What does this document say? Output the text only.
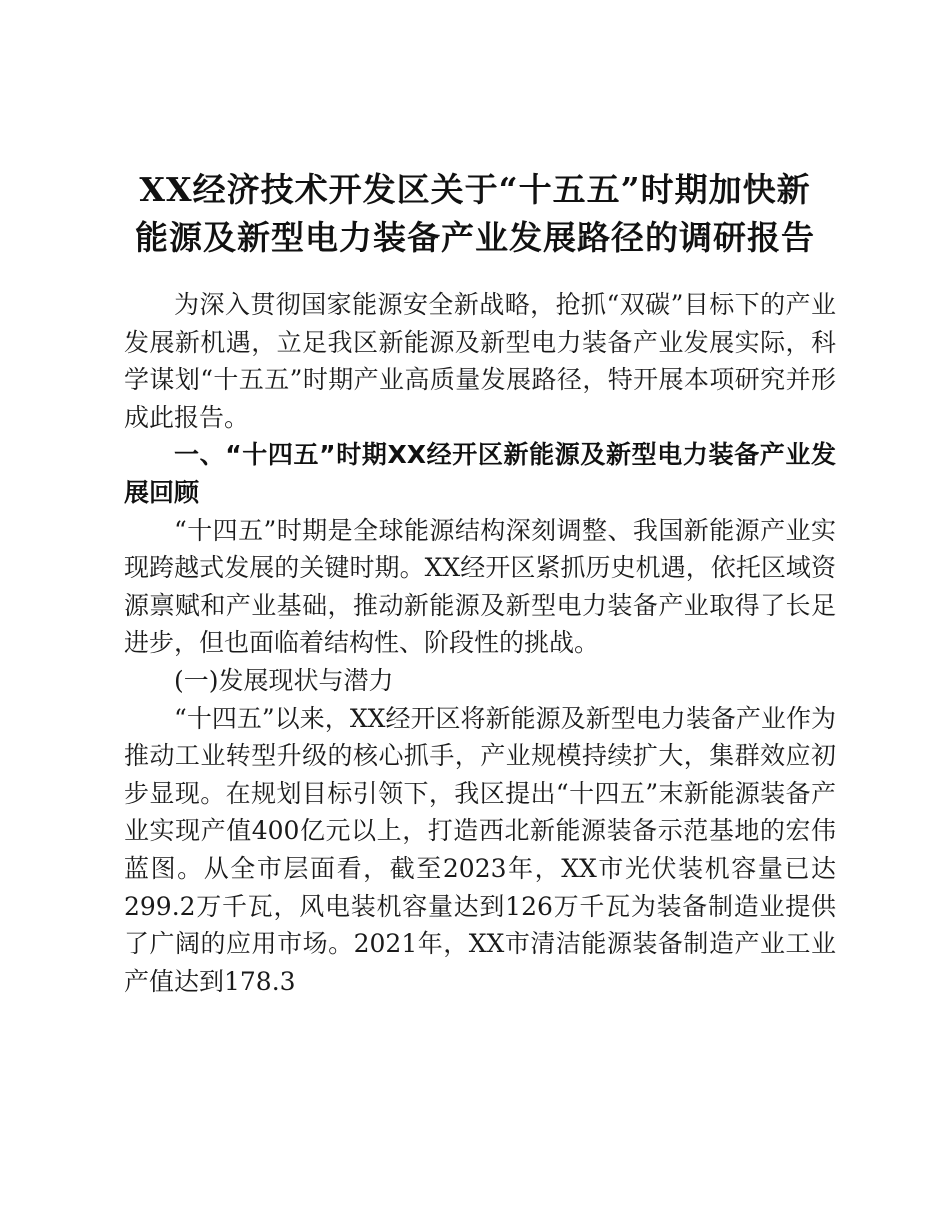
XX经济技术开发区关于“十五五”时期加快新
能源及新型电力装备产业发展路径的调研报告

为深入贯彻国家能源安全新战略，抢抓“双碳”目标下的产业发展新机遇，立足我区新能源及新型电力装备产业发展实际，科学谋划“十五五”时期产业高质量发展路径，特开展本项研究并形成此报告。

一、“十四五”时期XX经开区新能源及新型电力装备产业发展回顾

“十四五”时期是全球能源结构深刻调整、我国新能源产业实现跨越式发展的关键时期。XX经开区紧抓历史机遇，依托区域资源禀赋和产业基础，推动新能源及新型电力装备产业取得了长足进步，但也面临着结构性、阶段性的挑战。

(一)发展现状与潜力

“十四五”以来，XX经开区将新能源及新型电力装备产业作为推动工业转型升级的核心抓手，产业规模持续扩大，集群效应初步显现。在规划目标引领下，我区提出“十四五”末新能源装备产业实现产值400亿元以上，打造西北新能源装备示范基地的宏伟蓝图。从全市层面看，截至2023年，XX市光伏装机容量已达299.2万千瓦，风电装机容量达到126万千瓦为装备制造业提供了广阔的应用市场。2021年，XX市清洁能源装备制造产业工业产值达到178.3
